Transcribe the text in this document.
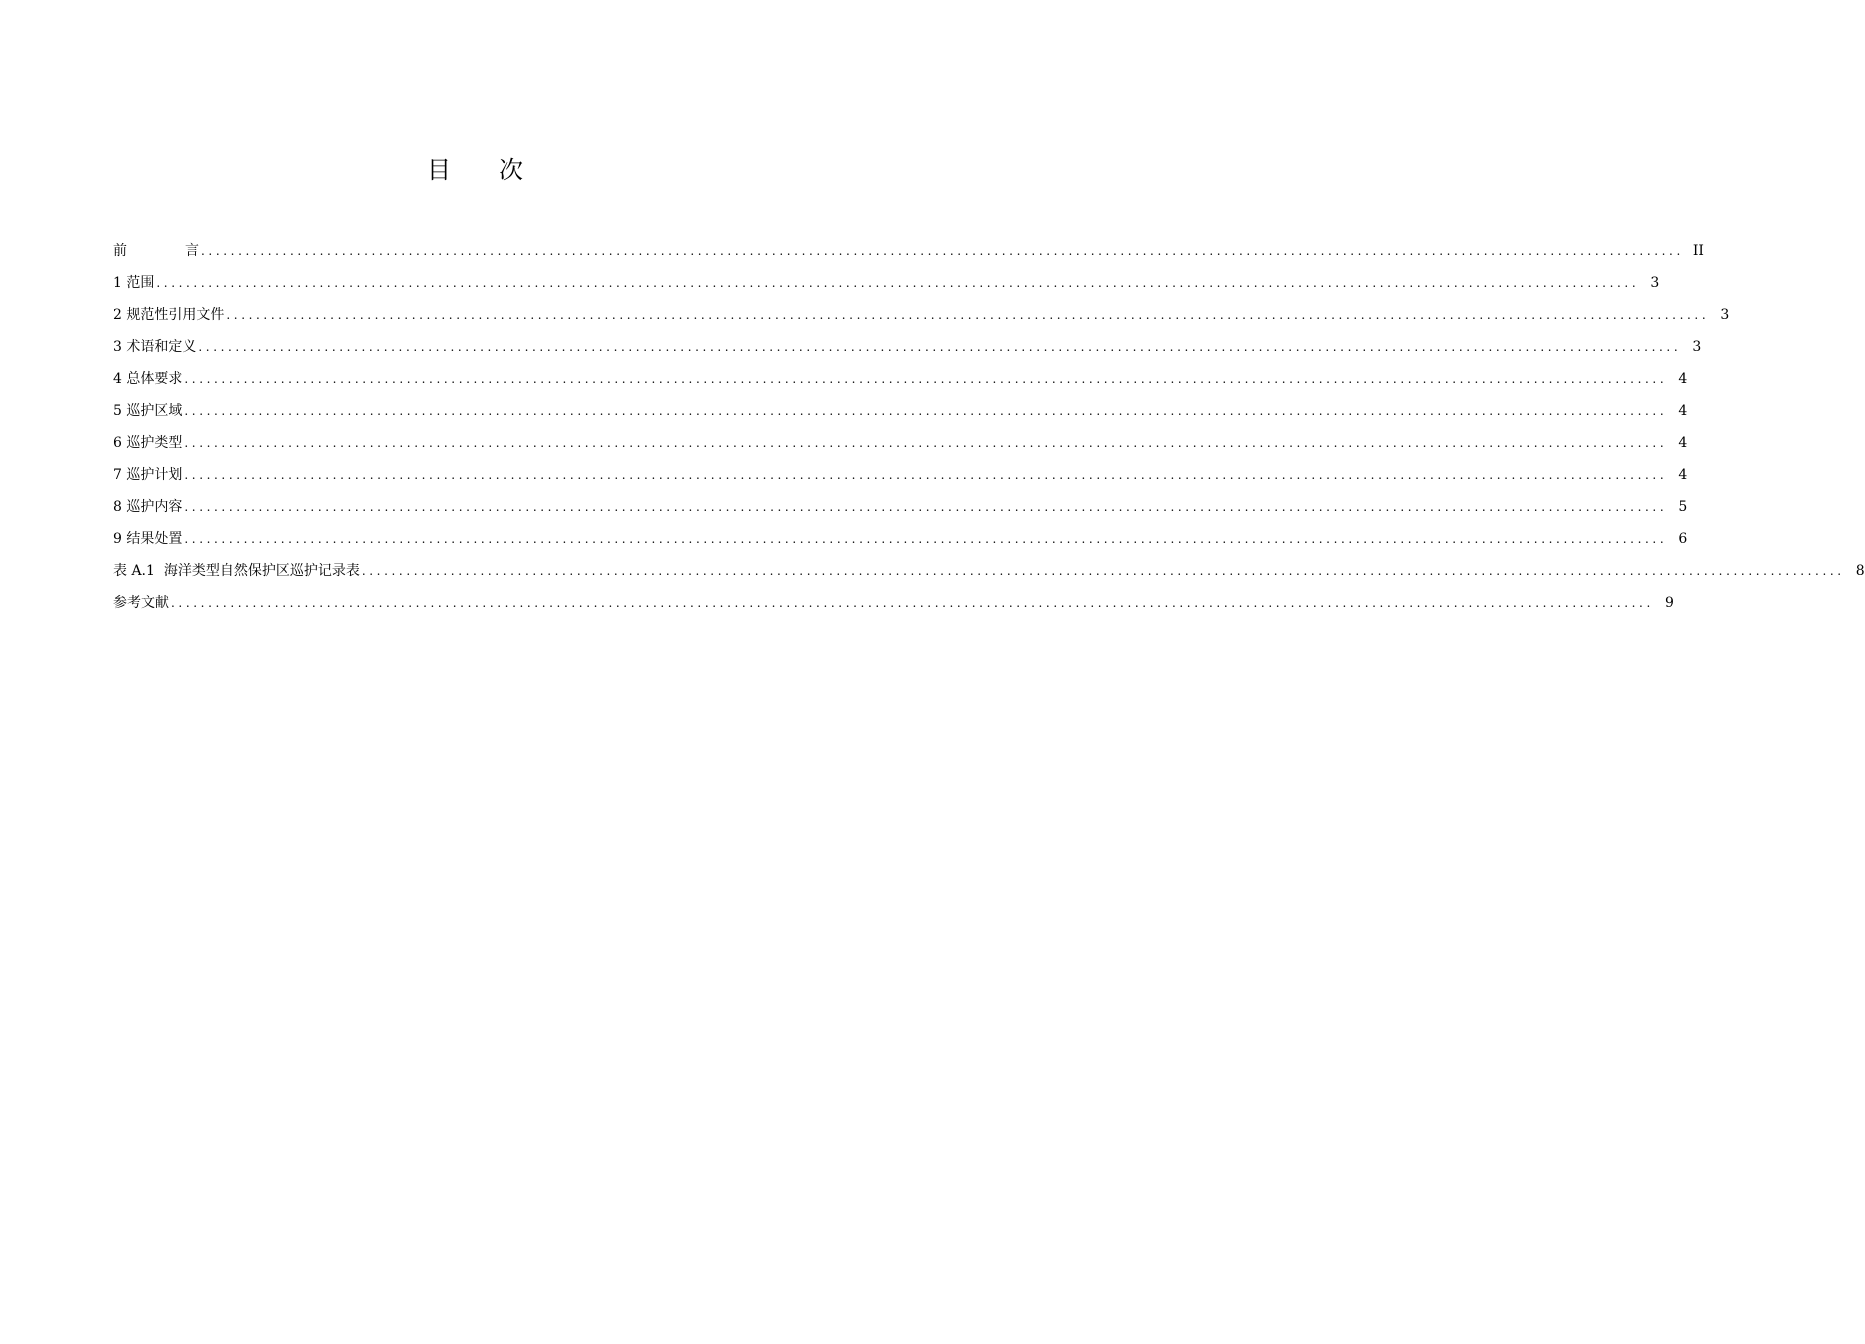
目 次
前	言 ........................................................................................................................................................................................................ II
1 范围 ........................................................................................................................................................................................................ 3
2 规范性引用文件 ........................................................................................................................................................................................................ 3
3 术语和定义 ........................................................................................................................................................................................................ 3
4 总体要求 ........................................................................................................................................................................................................ 4
5 巡护区域 ........................................................................................................................................................................................................ 4
6 巡护类型 ........................................................................................................................................................................................................ 4
7 巡护计划 ........................................................................................................................................................................................................ 4
8 巡护内容 ........................................................................................................................................................................................................ 5
9 结果处置 ........................................................................................................................................................................................................ 6
表 A.1  海洋类型自然保护区巡护记录表 ........................................................................................................................................................................................................ 8
参考文献 ........................................................................................................................................................................................................ 9
